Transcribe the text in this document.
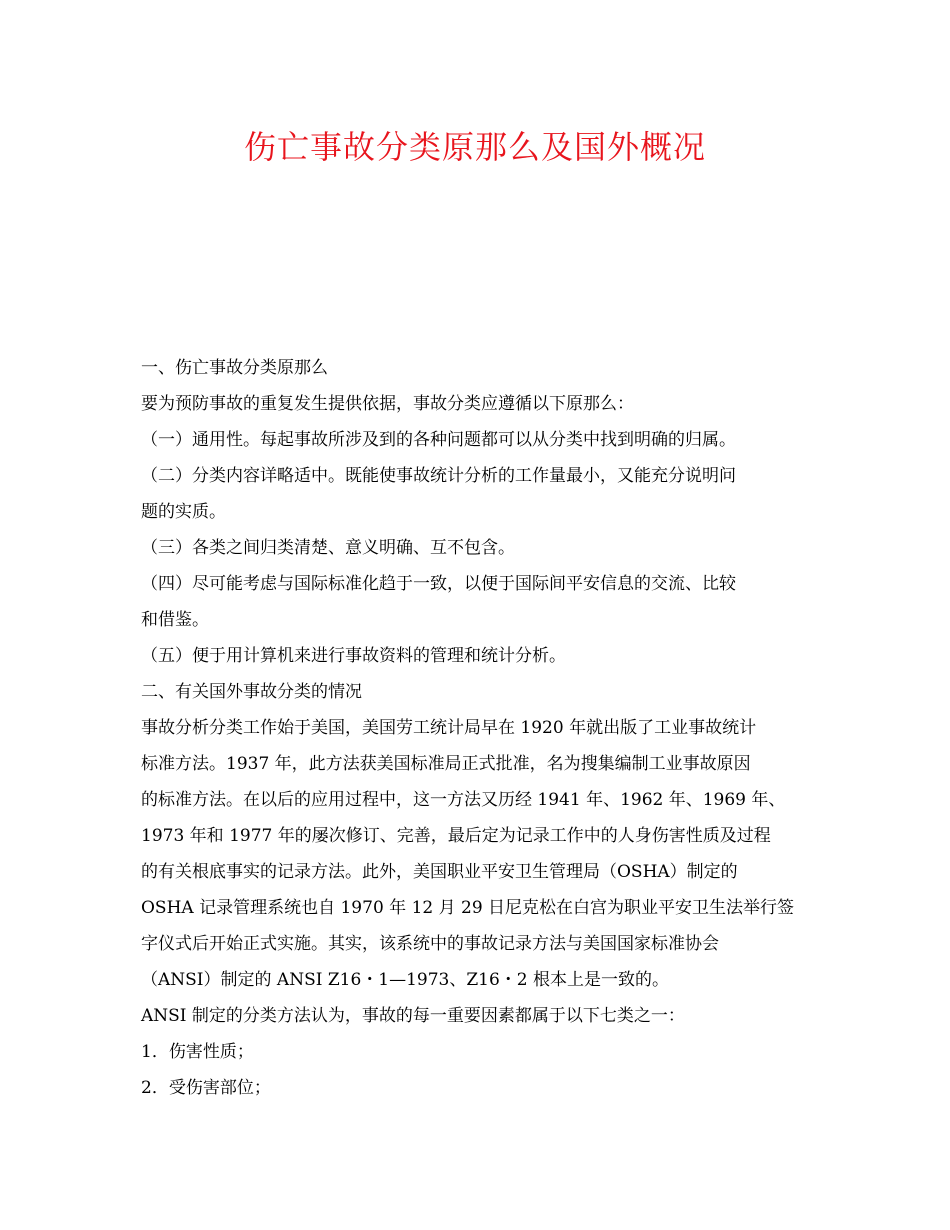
伤亡事故分类原那么及国外概况
一、伤亡事故分类原那么
要为预防事故的重复发生提供依据，事故分类应遵循以下原那么：
（一）通用性。每起事故所涉及到的各种问题都可以从分类中找到明确的归属。
（二）分类内容详略适中。既能使事故统计分析的工作量最小，又能充分说明问
题的实质。
（三）各类之间归类清楚、意义明确、互不包含。
（四）尽可能考虑与国际标准化趋于一致，以便于国际间平安信息的交流、比较
和借鉴。
（五）便于用计算机来进行事故资料的管理和统计分析。
二、有关国外事故分类的情况
事故分析分类工作始于美国，美国劳工统计局早在 1920 年就出版了工业事故统计
标准方法。1937 年，此方法获美国标准局正式批准，名为搜集编制工业事故原因
的标准方法。在以后的应用过程中，这一方法又历经 1941 年、1962 年、1969 年、
1973 年和 1977 年的屡次修订、完善，最后定为记录工作中的人身伤害性质及过程
的有关根底事实的记录方法。此外，美国职业平安卫生管理局（OSHA）制定的
OSHA 记录管理系统也自 1970 年 12 月 29 日尼克松在白宫为职业平安卫生法举行签
字仪式后开始正式实施。其实，该系统中的事故记录方法与美国国家标准协会
（ANSI）制定的 ANSI Z16・1—1973、Z16・2 根本上是一致的。
ANSI 制定的分类方法认为，事故的每一重要因素都属于以下七类之一：
1．伤害性质；
2．受伤害部位；
